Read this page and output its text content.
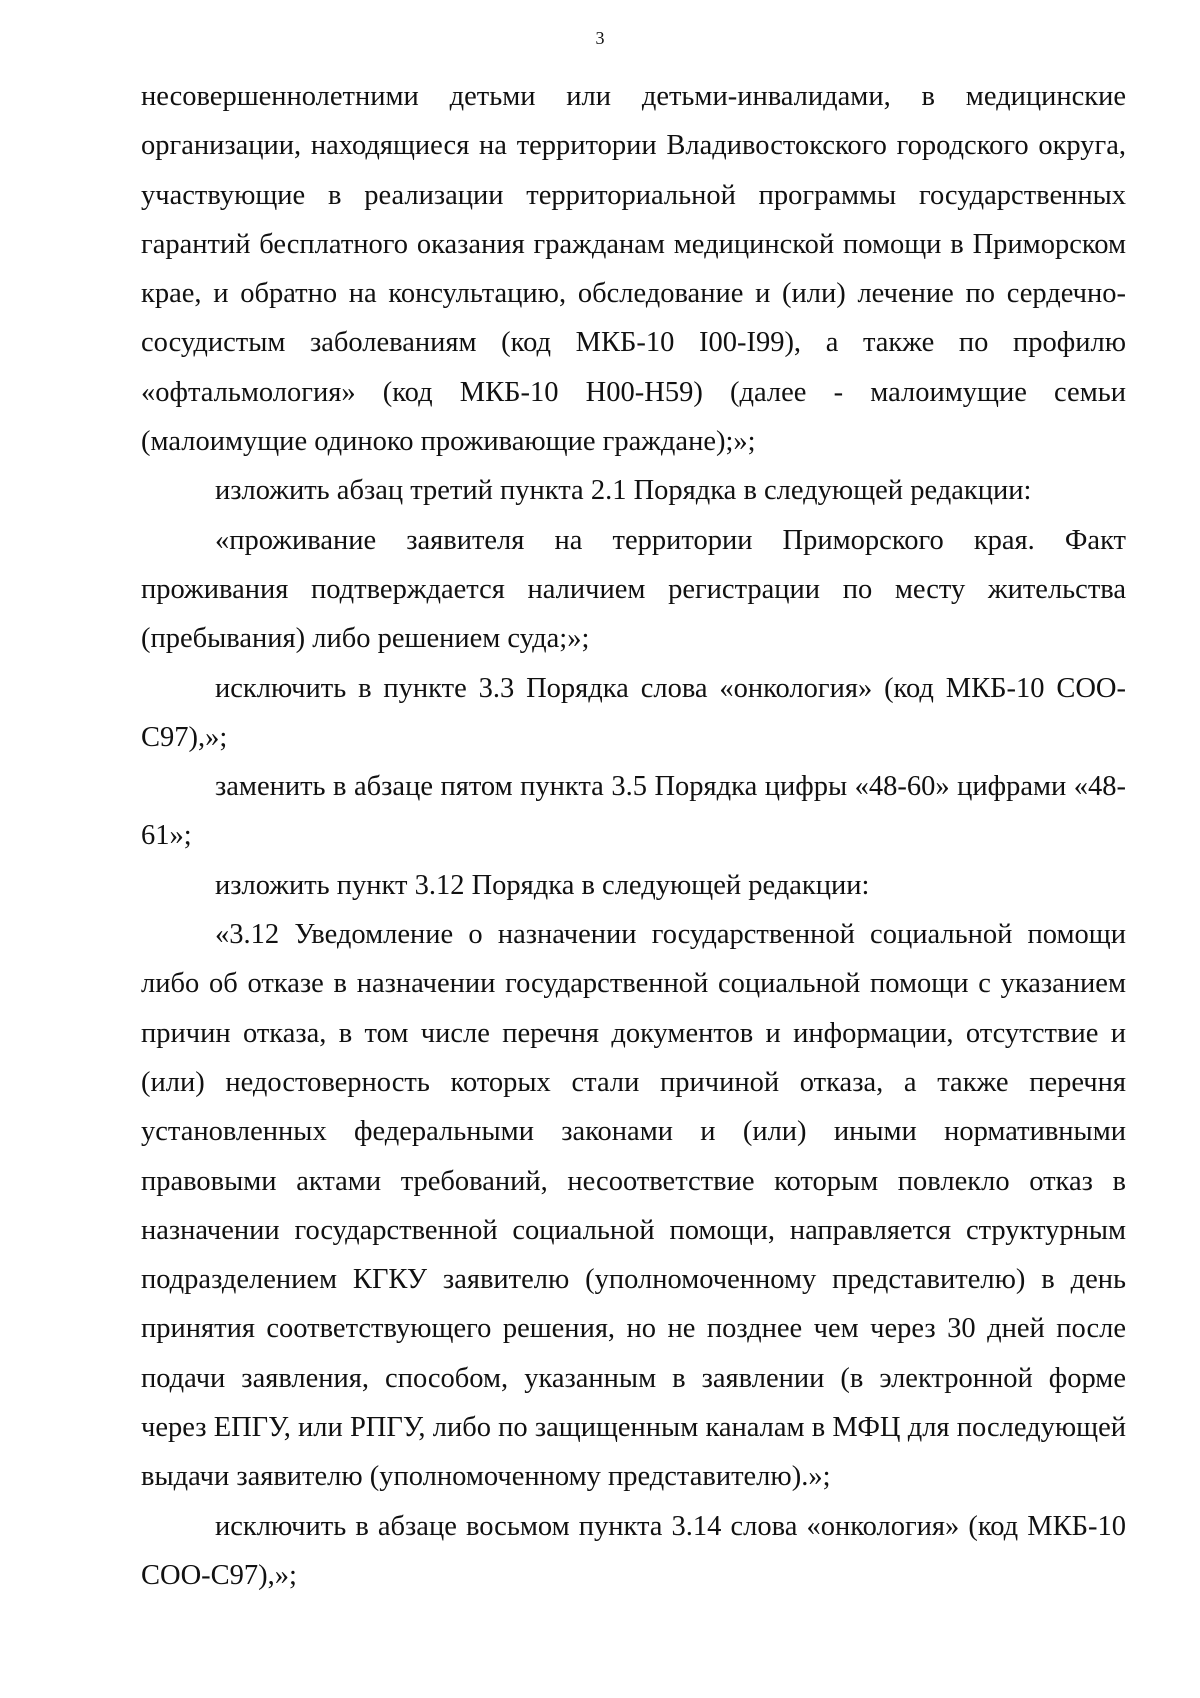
3

несовершеннолетними детьми или детьми-инвалидами, в медицинские организации, находящиеся на территории Владивостокского городского округа, участвующие в реализации территориальной программы государственных гарантий бесплатного оказания гражданам медицинской помощи в Приморском крае, и обратно на консультацию, обследование и (или) лечение по сердечно-сосудистым заболеваниям (код МКБ-10 I00-I99), а также по профилю «офтальмология» (код МКБ-10 H00-H59) (далее - малоимущие семьи (малоимущие одиноко проживающие граждане);»;

изложить абзац третий пункта 2.1 Порядка в следующей редакции:

«проживание заявителя на территории Приморского края. Факт проживания подтверждается наличием регистрации по месту жительства (пребывания) либо решением суда;»;

исключить в пункте 3.3 Порядка слова «онкология» (код МКБ-10 СОО-С97),»;

заменить в абзаце пятом пункта 3.5 Порядка цифры «48-60» цифрами «48-61»;

изложить пункт 3.12 Порядка в следующей редакции:

«3.12 Уведомление о назначении государственной социальной помощи либо об отказе в назначении государственной социальной помощи с указанием причин отказа, в том числе перечня документов и информации, отсутствие и (или) недостоверность которых стали причиной отказа, а также перечня установленных федеральными законами и (или) иными нормативными правовыми актами требований, несоответствие которым повлекло отказ в назначении государственной социальной помощи, направляется структурным подразделением КГКУ заявителю (уполномоченному представителю) в день принятия соответствующего решения, но не позднее чем через 30 дней после подачи заявления, способом, указанным в заявлении (в электронной форме через ЕПГУ, или РПГУ, либо по защищенным каналам в МФЦ для последующей выдачи заявителю (уполномоченному представителю).»;

исключить в абзаце восьмом пункта 3.14 слова «онкология» (код МКБ-10 СОО-С97),»;
